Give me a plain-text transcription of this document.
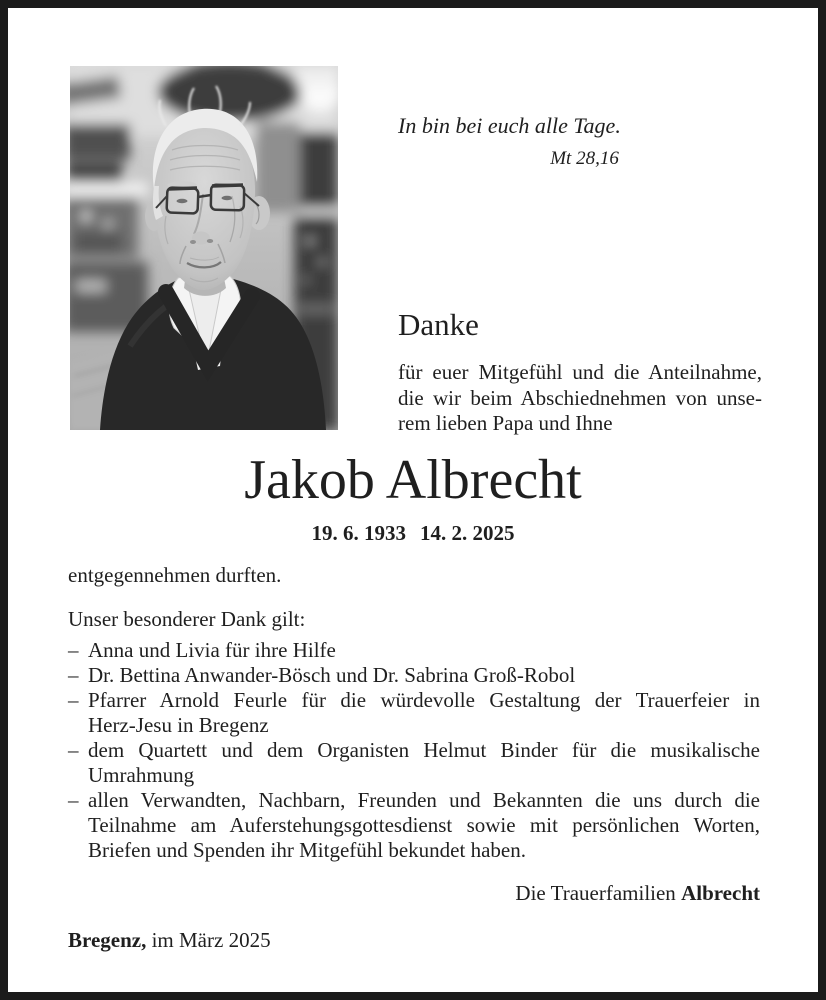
In bin bei euch alle Tage.
Mt 28,16
Danke
für euer Mitgefühl und die Anteilnahme,
die wir beim Abschiednehmen von unse-
rem lieben Papa und Ihne
Jakob Albrecht
19. 6. 1933 14. 2. 2025
entgegennehmen durften.
Unser besonderer Dank gilt:
– Anna und Livia für ihre Hilfe
– Dr. Bettina Anwander-Bösch und Dr. Sabrina Groß-Robol
– Pfarrer Arnold Feurle für die würdevolle Gestaltung der Trauerfeier in
Herz-Jesu in Bregenz
– dem Quartett und dem Organisten Helmut Binder für die musikalische
Umrahmung
– allen Verwandten, Nachbarn, Freunden und Bekannten die uns durch die
Teilnahme am Auferstehungsgottesdienst sowie mit persönlichen Worten,
Briefen und Spenden ihr Mitgefühl bekundet haben.
Die Trauerfamilien Albrecht
Bregenz, im März 2025
